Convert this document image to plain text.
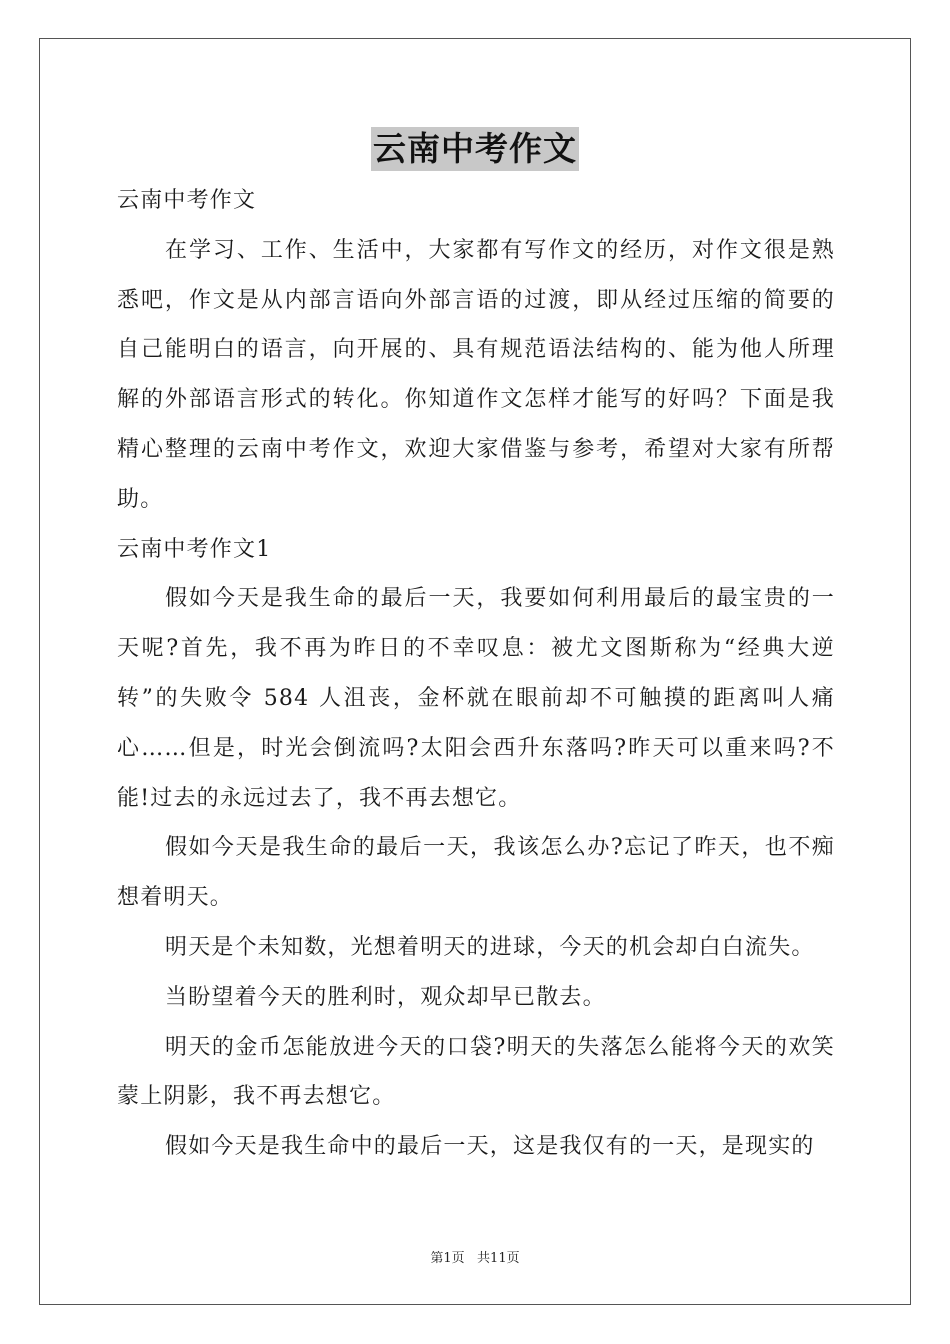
云南中考作文

云南中考作文

在学习、工作、生活中，大家都有写作文的经历，对作文很是熟悉吧，作文是从内部言语向外部言语的过渡，即从经过压缩的简要的自己能明白的语言，向开展的、具有规范语法结构的、能为他人所理解的外部语言形式的转化。你知道作文怎样才能写的好吗？下面是我精心整理的云南中考作文，欢迎大家借鉴与参考，希望对大家有所帮助。

云南中考作文1

假如今天是我生命的最后一天，我要如何利用最后的最宝贵的一天呢?首先，我不再为昨日的不幸叹息：被尤文图斯称为“经典大逆转”的失败令 584 人沮丧，金杯就在眼前却不可触摸的距离叫人痛心……但是，时光会倒流吗?太阳会西升东落吗?昨天可以重来吗?不能!过去的永远过去了，我不再去想它。

假如今天是我生命的最后一天，我该怎么办?忘记了昨天，也不痴想着明天。

明天是个未知数，光想着明天的进球，今天的机会却白白流失。

当盼望着今天的胜利时，观众却早已散去。

明天的金币怎能放进今天的口袋?明天的失落怎么能将今天的欢笑蒙上阴影，我不再去想它。

假如今天是我生命中的最后一天，这是我仅有的一天，是现实的

第1页   共11页
